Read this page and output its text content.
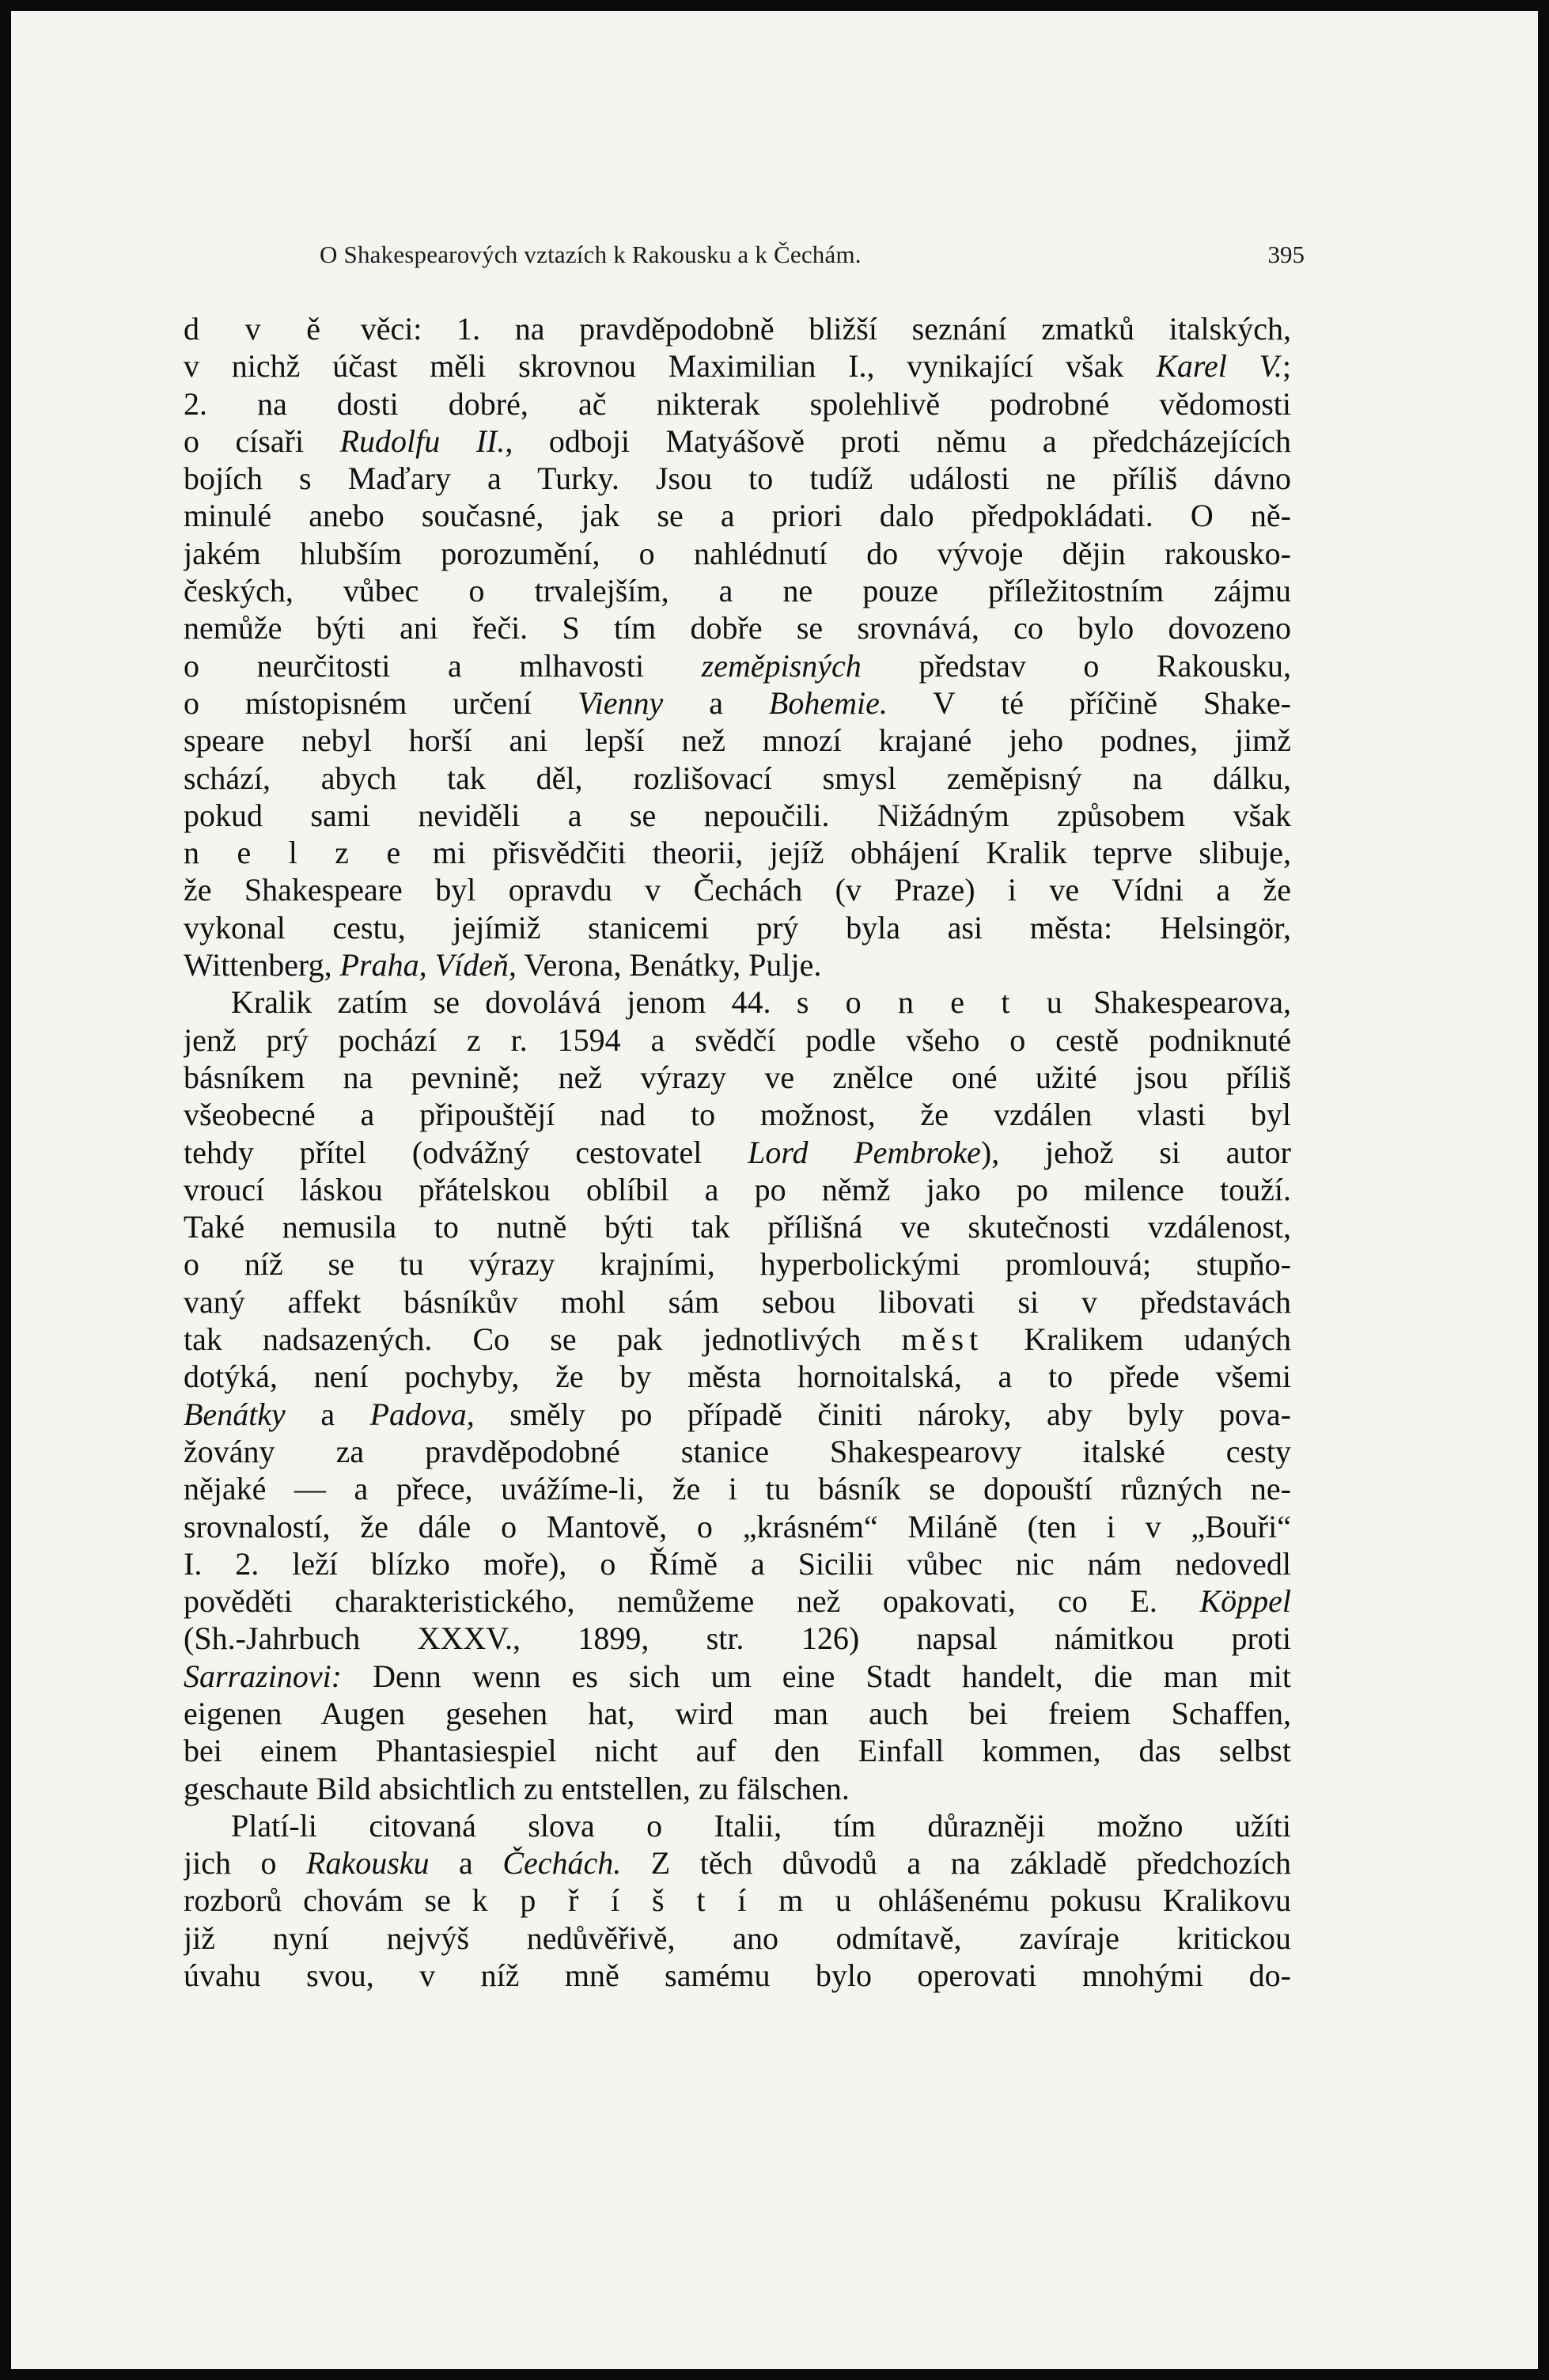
O Shakespearových vztazích k Rakousku a k Čechám.	395
d v ě věci: 1. na pravděpodobně bližší seznání zmatků italských,
v nichž účast měli skrovnou Maximilian I., vynikající však Karel V.;
2. na dosti dobré, ač nikterak spolehlivě podrobné vědomosti
o císaři Rudolfu II., odboji Matyášově proti němu a předcházejících
bojích s Maďary a Turky. Jsou to tudíž události ne příliš dávno
minulé anebo současné, jak se a priori dalo předpokládati. O ně-
jakém hlubším porozumění, o nahlédnutí do vývoje dějin rakousko-
českých, vůbec o trvalejším, a ne pouze příležitostním zájmu
nemůže býti ani řeči. S tím dobře se srovnává, co bylo dovozeno
o neurčitosti a mlhavosti zeměpisných představ o Rakousku,
o místopisném určení Vienny a Bohemie. V té příčině Shake-
speare nebyl horší ani lepší než mnozí krajané jeho podnes, jimž
schází, abych tak děl, rozlišovací smysl zeměpisný na dálku,
pokud sami neviděli a se nepoučili. Nižádným způsobem však
n e l z e mi přisvědčiti theorii, jejíž obhájení Kralik teprve slibuje,
že Shakespeare byl opravdu v Čechách (v Praze) i ve Vídni a že
vykonal cestu, jejímiž stanicemi prý byla asi města: Helsingör,
Wittenberg, Praha, Vídeň, Verona, Benátky, Pulje.
Kralik zatím se dovolává jenom 44. s o n e t u Shakespearova,
jenž prý pochází z r. 1594 a svědčí podle všeho o cestě podniknuté
básníkem na pevnině; než výrazy ve znělce oné užité jsou příliš
všeobecné a připouštějí nad to možnost, že vzdálen vlasti byl
tehdy přítel (odvážný cestovatel Lord Pembroke), jehož si autor
vroucí láskou přátelskou oblíbil a po němž jako po milence touží.
Také nemusila to nutně býti tak přílišná ve skutečnosti vzdálenost,
o níž se tu výrazy krajními, hyperbolickými promlouvá; stupňo-
vaný affekt básníkův mohl sám sebou libovati si v představách
tak nadsazených. Co se pak jednotlivých měst Kralikem udaných
dotýká, není pochyby, že by města hornoitalská, a to přede všemi
Benátky a Padova, směly po případě činiti nároky, aby byly pova-
žovány za pravděpodobné stanice Shakespearovy italské cesty
nějaké — a přece, uvážíme-li, že i tu básník se dopouští různých ne-
srovnalostí, že dále o Mantově, o „krásném“ Miláně (ten i v „Bouři“
I. 2. leží blízko moře), o Římě a Sicilii vůbec nic nám nedovedl
pověděti charakteristického, nemůžeme než opakovati, co E. Köppel
(Sh.-Jahrbuch XXXV., 1899, str. 126) napsal námitkou proti
Sarrazinovi: Denn wenn es sich um eine Stadt handelt, die man mit
eigenen Augen gesehen hat, wird man auch bei freiem Schaffen,
bei einem Phantasiespiel nicht auf den Einfall kommen, das selbst
geschaute Bild absichtlich zu entstellen, zu fälschen.
Platí-li citovaná slova o Italii, tím důrazněji možno užíti
jich o Rakousku a Čechách. Z těch důvodů a na základě předchozích
rozborů chovám se k p ř í š t í m u ohlášenému pokusu Kralikovu
již nyní nejvýš nedůvěřivě, ano odmítavě, zavíraje kritickou
úvahu svou, v níž mně samému bylo operovati mnohými do-
